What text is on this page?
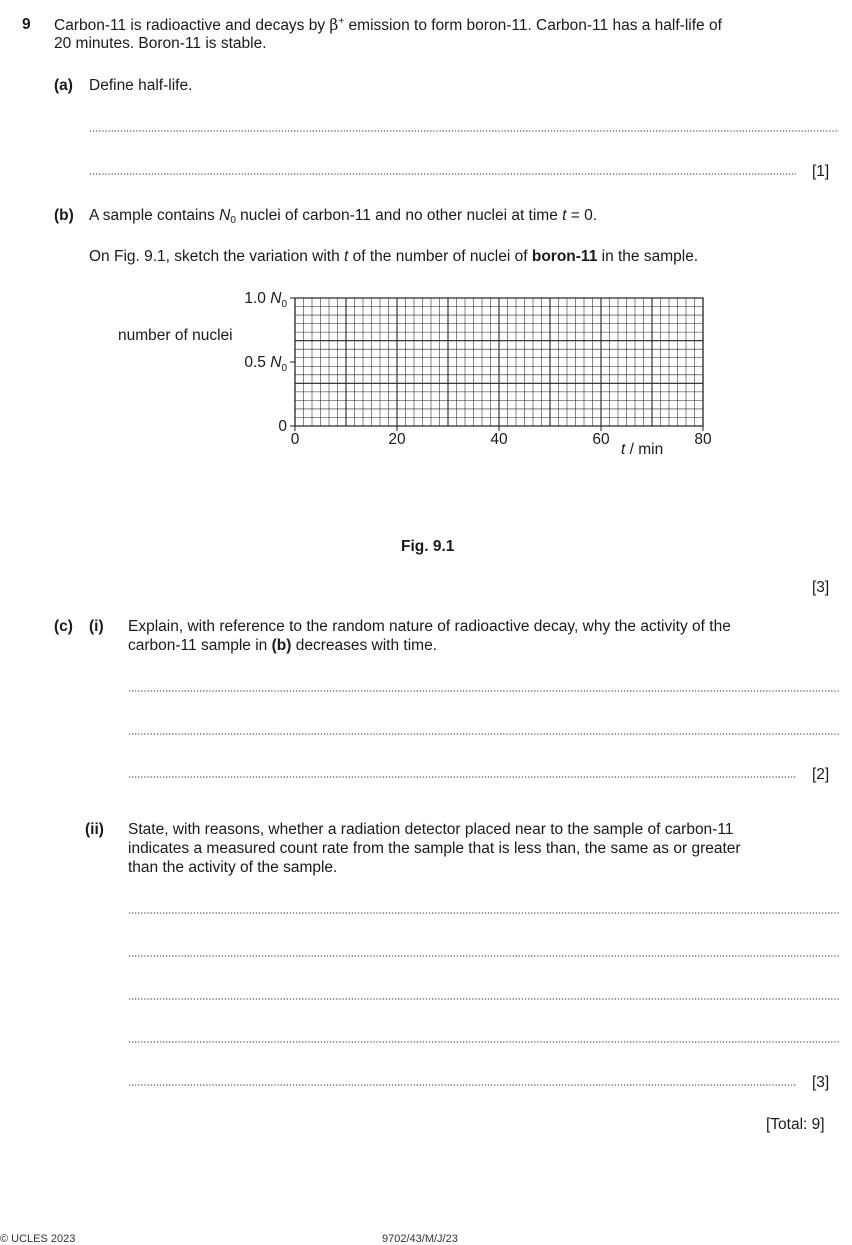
9 Carbon-11 is radioactive and decays by β+ emission to form boron-11. Carbon-11 has a half-life of
20 minutes. Boron-11 is stable.
(a) Define half-life.
[1]
(b) A sample contains $N_0$ nuclei of carbon-11 and no other nuclei at time t = 0.
On Fig. 9.1, sketch the variation with t of the number of nuclei of boron-11 in the sample.
0
0.5 $N_0$
1.0 $N_0$
0	20	40	60	80
number of nuclei
t / min
Fig. 9.1
[3]
(c) (i) Explain, with reference to the random nature of radioactive decay, why the activity of the
carbon-11 sample in (b) decreases with time.
[2]
(ii) State, with reasons, whether a radiation detector placed near to the sample of carbon-11
indicates a measured count rate from the sample that is less than, the same as or greater
than the activity of the sample.
[3]
[Total: 9]
© UCLES 2023	9702/43/M/J/23
